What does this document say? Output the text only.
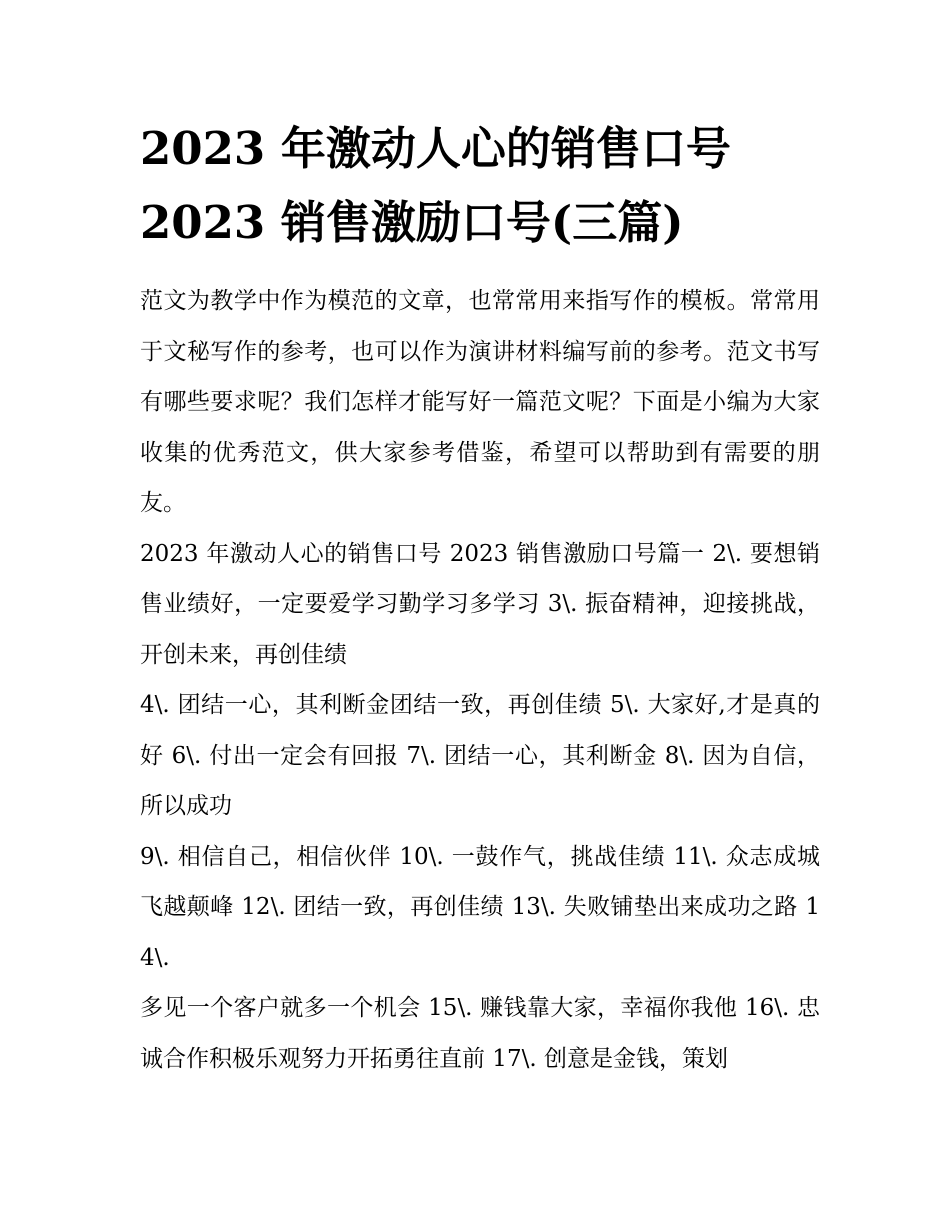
2023 年激动人心的销售口号
2023 销售激励口号(三篇)

范文为教学中作为模范的文章，也常常用来指写作的模板。常常用于文秘写作的参考，也可以作为演讲材料编写前的参考。范文书写有哪些要求呢？我们怎样才能写好一篇范文呢？下面是小编为大家收集的优秀范文，供大家参考借鉴，希望可以帮助到有需要的朋友。

2023 年激动人心的销售口号 2023 销售激励口号篇一 2\. 要想销售业绩好，一定要爱学习勤学习多学习 3\. 振奋精神，迎接挑战，开创未来，再创佳绩

4\. 团结一心，其利断金团结一致，再创佳绩 5\. 大家好,才是真的好 6\. 付出一定会有回报 7\. 团结一心，其利断金 8\. 因为自信，所以成功

9\. 相信自己，相信伙伴 10\. 一鼓作气，挑战佳绩 11\. 众志成城飞越颠峰 12\. 团结一致，再创佳绩 13\. 失败铺垫出来成功之路 14\.

多见一个客户就多一个机会 15\. 赚钱靠大家，幸福你我他 16\. 忠诚合作积极乐观努力开拓勇往直前 17\. 创意是金钱，策划
